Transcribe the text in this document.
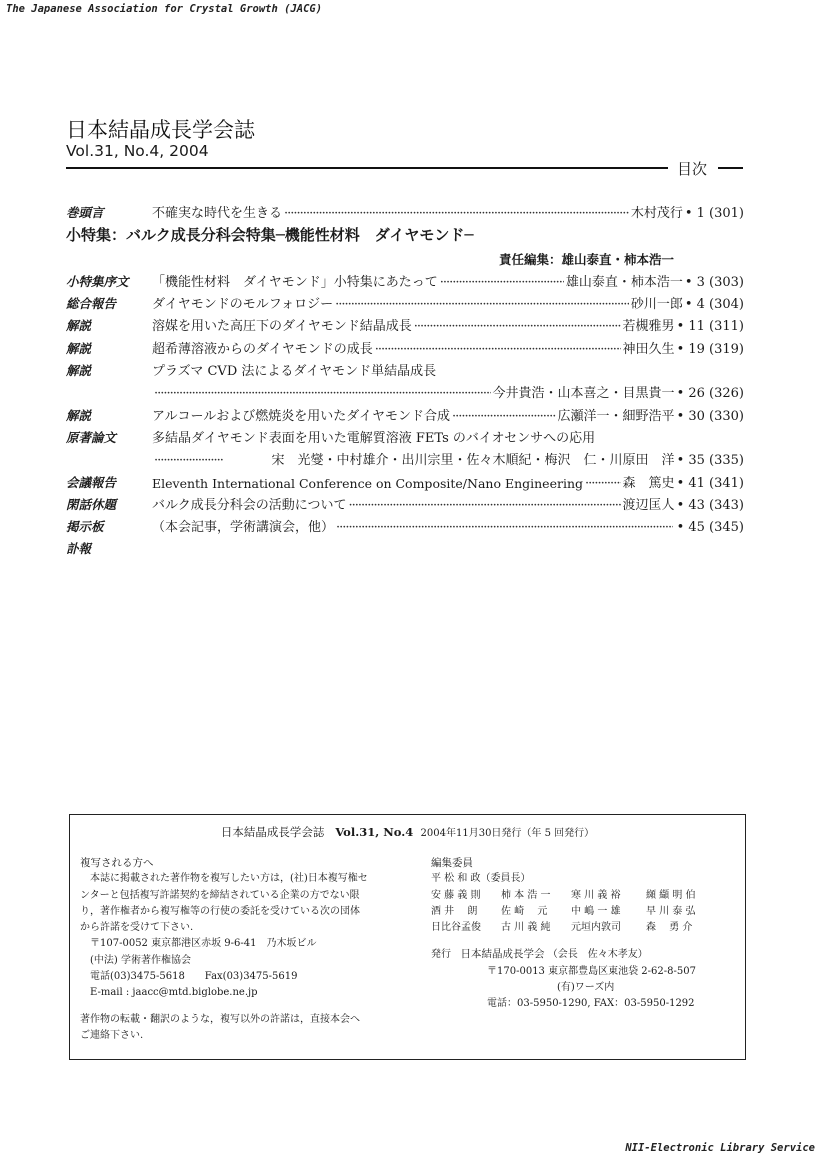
The Japanese Association for Crystal Growth (JACG)
日本結晶成長学会誌
Vol.31, No.4, 2004
目次
巻頭言	不確実な時代を生きる ·····	木村茂行 • 1 (301)
小特集：バルク成長分科会特集─機能性材料　ダイヤモンド─
責任編集：雄山泰直・柿本浩一
小特集序文	「機能性材料　ダイヤモンド」小特集にあたって ·····	雄山泰直・柿本浩一 • 3 (303)
総合報告	ダイヤモンドのモルフォロジー ·····	砂川一郎 • 4 (304)
解説	溶媒を用いた高圧下のダイヤモンド結晶成長 ·····	若槻雅男 • 11 (311)
解説	超希薄溶液からのダイヤモンドの成長 ·····	神田久生 • 19 (319)
解説	プラズマ CVD 法によるダイヤモンド単結晶成長
·····
今井貴浩・山本喜之・目黒貴一 • 26 (326)
解説	アルコールおよび燃焼炎を用いたダイヤモンド合成 ·····	広瀬洋一・細野浩平 • 30 (330)
原著論文	多結晶ダイヤモンド表面を用いた電解質溶液 FETs のバイオセンサへの応用
·····
宋　光燮・中村雄介・出川宗里・佐々木順紀・梅沢　仁・川原田　洋 • 35 (335)
会議報告	Eleventh International Conference on Composite/Nano Engineering ·····	森　篤史 • 41 (341)
閑話休題	バルク成長分科会の活動について ·····	渡辺匡人 • 43 (343)
掲示板	（本会記事，学術講演会，他） ·····	• 45 (345)
訃報
日本結晶成長学会誌 Vol.31, No.4 2004年11月30日発行（年 5 回発行）
複写される方へ

本誌に掲載された著作物を複写したい方は，(社)日本複写権セ

ンターと包括複写許諾契約を締結されている企業の方でない限

り，著作権者から複写権等の行使の委託を受けている次の団体

から許諾を受けて下さい.

〒107-0052 東京都港区赤坂 9-6-41　乃木坂ビル

(中法) 学術著作権協会

電話(03)3475-5618　　Fax(03)3475-5619

E-mail : jaacc@mtd.biglobe.ne.jp

著作物の転載・翻訳のような，複写以外の許諾は，直接本会へ

ご連絡下さい.

編集委員
平 松 和 政（委員長）
安 藤 義 則	柿 本 浩 一	寒 川 義 裕	纐 纈 明 伯
酒 井　 朗	佐 崎　 元	中 嶋 一 雄	早 川 泰 弘
日比谷孟俊	古 川 義 純	元垣内敦司	森　 勇 介
発行 日本結晶成長学会 （会長　佐々木孝友）
〒170-0013 東京都豊島区東池袋 2-62-8-507
(有)ワーズ内
電話：03-5950-1290, FAX：03-5950-1292
NII-Electronic Library Service
